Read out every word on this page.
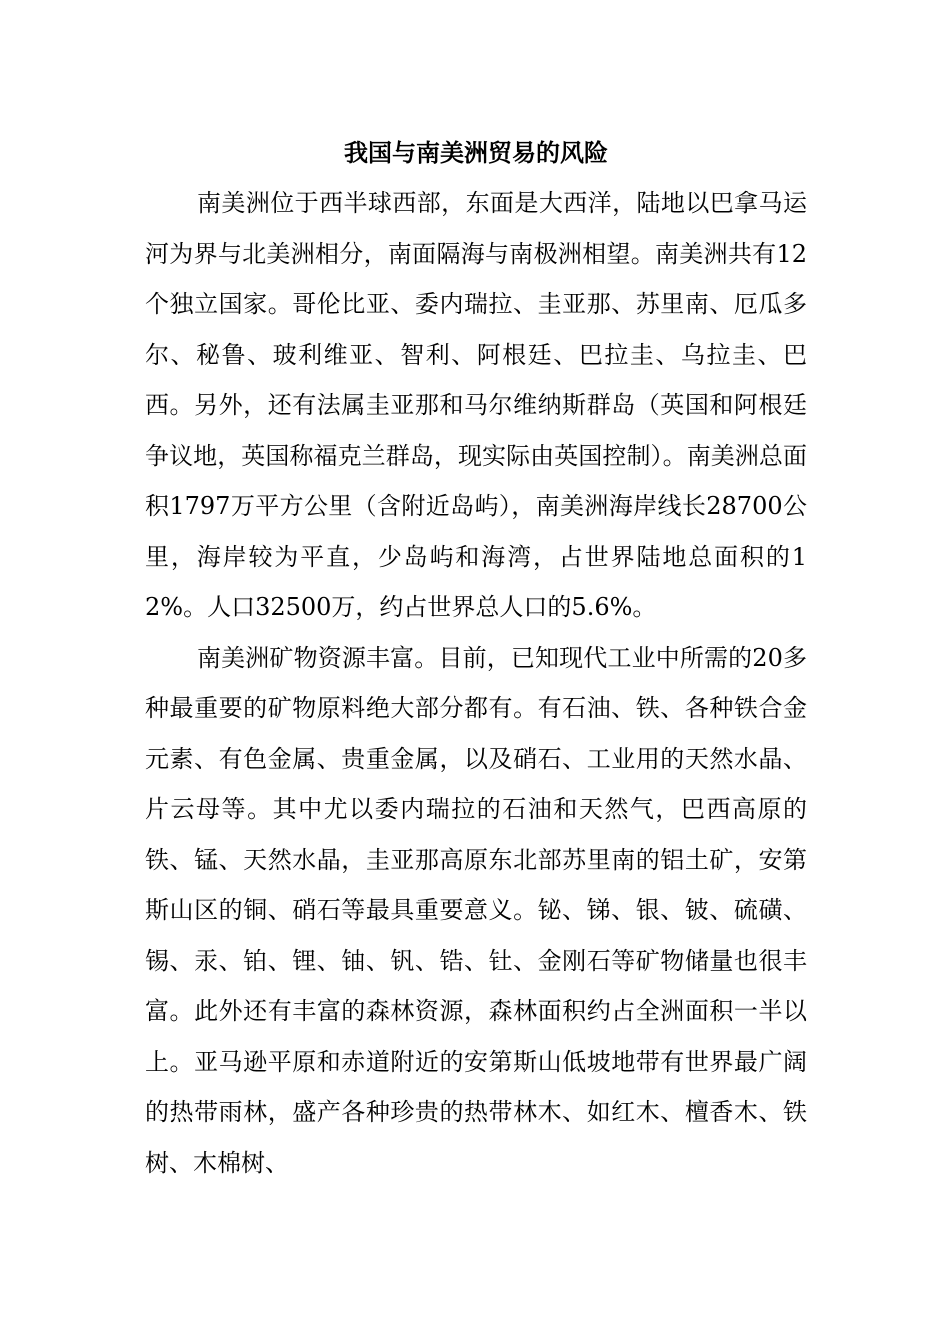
我国与南美洲贸易的风险

南美洲位于西半球西部，东面是大西洋，陆地以巴拿马运河为界与北美洲相分，南面隔海与南极洲相望。南美洲共有12个独立国家。哥伦比亚、委内瑞拉、圭亚那、苏里南、厄瓜多尔、秘鲁、玻利维亚、智利、阿根廷、巴拉圭、乌拉圭、巴西。另外，还有法属圭亚那和马尔维纳斯群岛（英国和阿根廷争议地，英国称福克兰群岛，现实际由英国控制）。南美洲总面积1797万平方公里（含附近岛屿），南美洲海岸线长28700公里，海岸较为平直，少岛屿和海湾，占世界陆地总面积的12%。人口32500万，约占世界总人口的5.6%。

南美洲矿物资源丰富。目前，已知现代工业中所需的20多种最重要的矿物原料绝大部分都有。有石油、铁、各种铁合金元素、有色金属、贵重金属，以及硝石、工业用的天然水晶、片云母等。其中尤以委内瑞拉的石油和天然气，巴西高原的铁、锰、天然水晶，圭亚那高原东北部苏里南的铝土矿，安第斯山区的铜、硝石等最具重要意义。铋、锑、银、铍、硫磺、锡、汞、铂、锂、铀、钒、锆、钍、金刚石等矿物储量也很丰富。此外还有丰富的森林资源，森林面积约占全洲面积一半以上。亚马逊平原和赤道附近的安第斯山低坡地带有世界最广阔的热带雨林，盛产各种珍贵的热带林木、如红木、檀香木、铁树、木棉树、
